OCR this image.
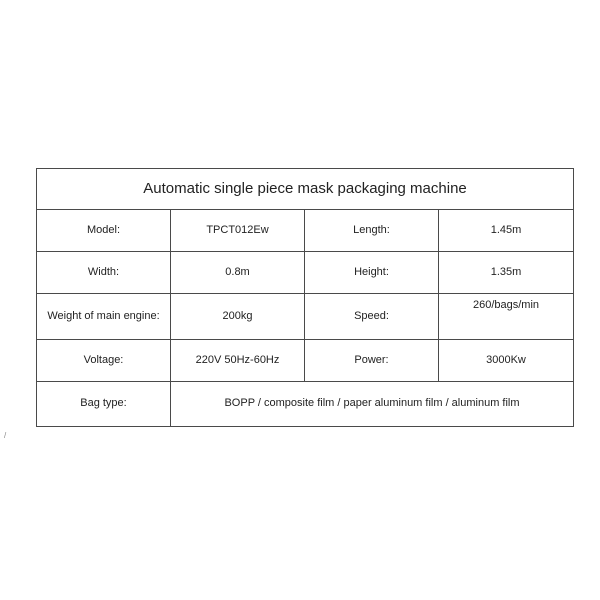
Automatic single piece mask packaging machine			
Model:	TPCT012Ew	Length:	1.45m
Width:	0.8m	Height:	1.35m
Weight of main engine:	200kg	Speed:	260/bags/min
Voltage:	220V 50Hz-60Hz	Power:	3000Kw
Bag type:	BOPP / composite film / paper aluminum film / aluminum film		
/
